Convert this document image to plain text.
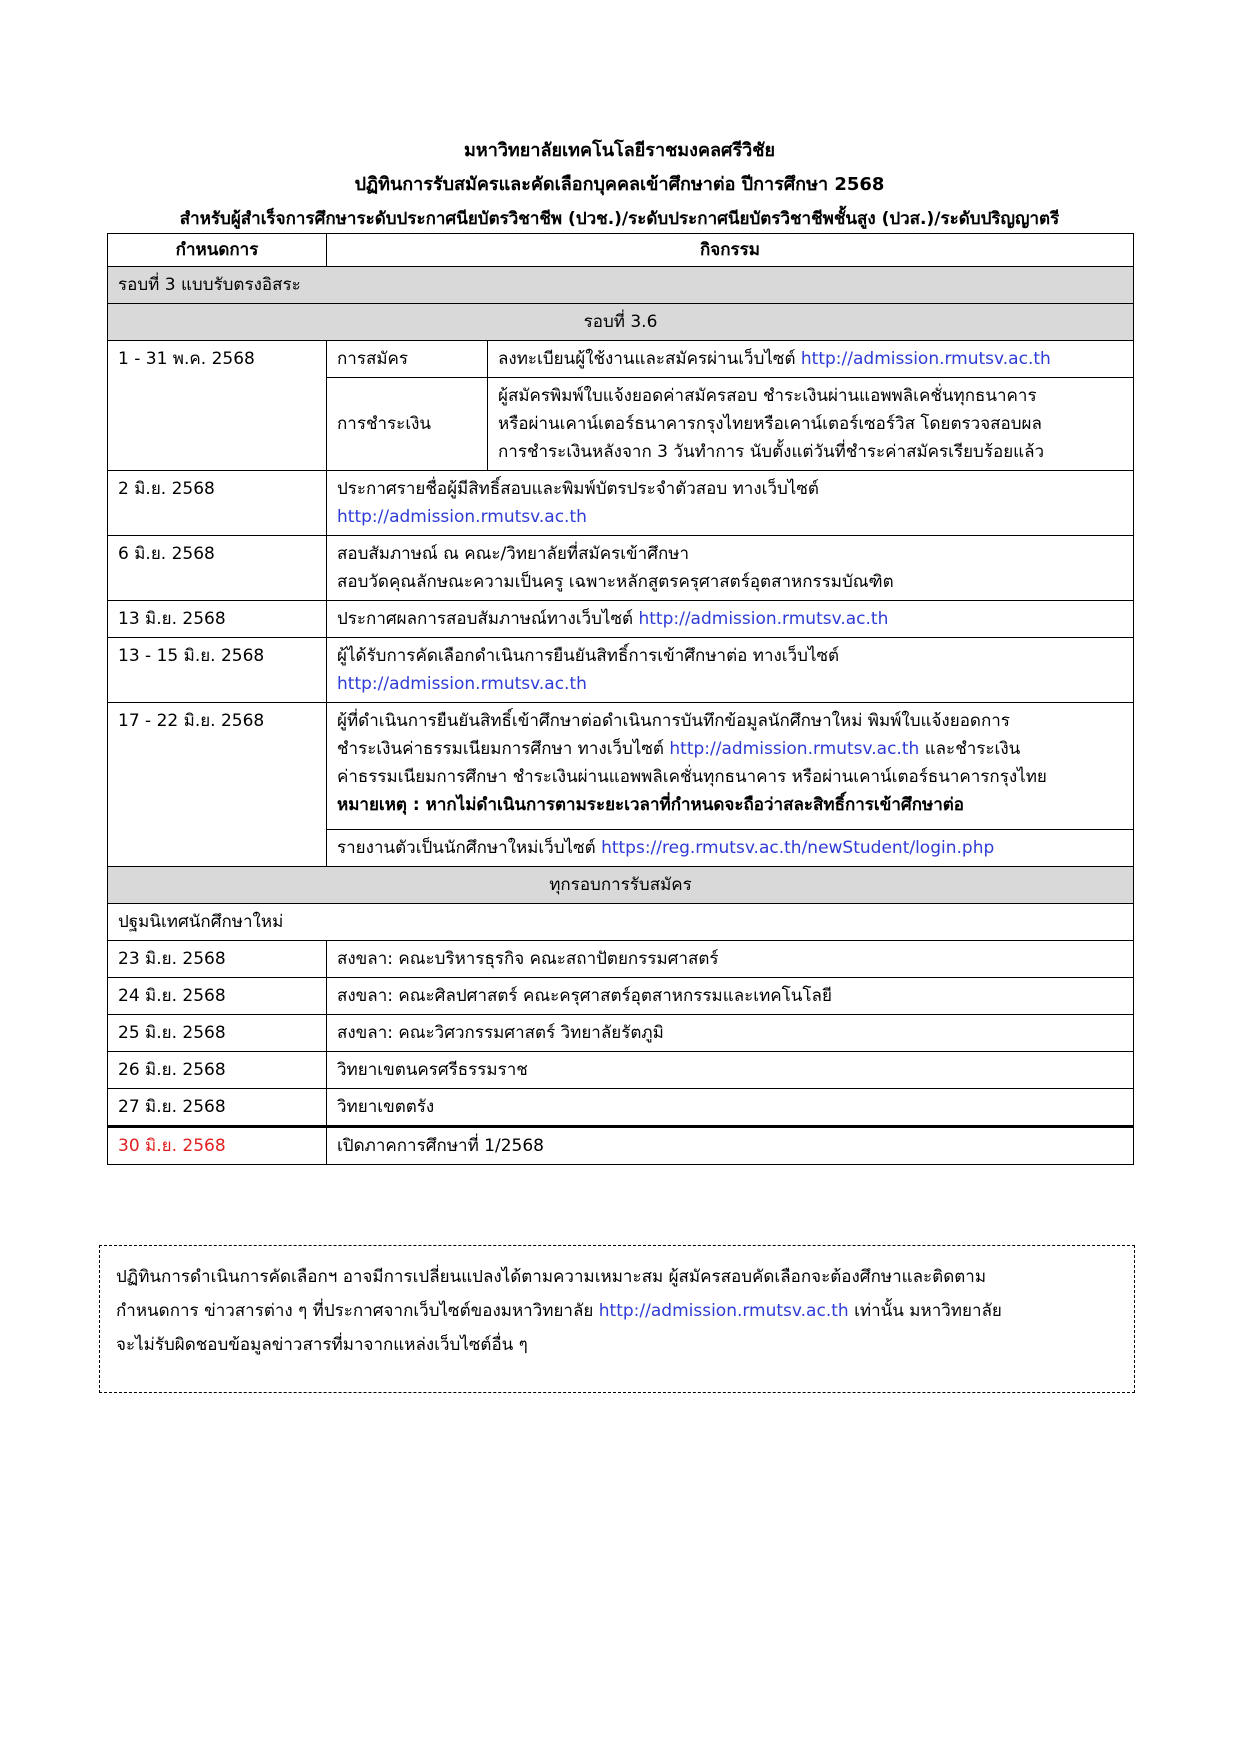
มหาวิทยาลัยเทคโนโลยีราชมงคลศรีวิชัย
ปฏิทินการรับสมัครและคัดเลือกบุคคลเข้าศึกษาต่อ ปีการศึกษา 2568
สำหรับผู้สำเร็จการศึกษาระดับประกาศนียบัตรวิชาชีพ (ปวช.)/ระดับประกาศนียบัตรวิชาชีพชั้นสูง (ปวส.)/ระดับปริญญาตรี
กำหนดการ	กิจกรรม	
รอบที่ 3 แบบรับตรงอิสระ		
รอบที่ 3.6		
1 - 31 พ.ค. 2568	การสมัคร	ลงทะเบียนผู้ใช้งานและสมัครผ่านเว็บไซต์ http://admission.rmutsv.ac.th
	การชำระเงิน	ผู้สมัครพิมพ์ใบแจ้งยอดค่าสมัครสอบ ชำระเงินผ่านแอพพลิเคชั่นทุกธนาคาร
หรือผ่านเคาน์เตอร์ธนาคารกรุงไทยหรือเคาน์เตอร์เซอร์วิส โดยตรวจสอบผล
การชำระเงินหลังจาก 3 วันทำการ นับตั้งแต่วันที่ชำระค่าสมัครเรียบร้อยแล้ว

2 มิ.ย. 2568	ประกาศรายชื่อผู้มีสิทธิ์สอบและพิมพ์บัตรประจำตัวสอบ ทางเว็บไซต์
http://admission.rmutsv.ac.th	

6 มิ.ย. 2568	สอบสัมภาษณ์ ณ คณะ/วิทยาลัยที่สมัครเข้าศึกษา
สอบวัดคุณลักษณะความเป็นครู เฉพาะหลักสูตรครุศาสตร์อุตสาหกรรมบัณฑิต	

13 มิ.ย. 2568	ประกาศผลการสอบสัมภาษณ์ทางเว็บไซต์ http://admission.rmutsv.ac.th	
13 - 15 มิ.ย. 2568	ผู้ได้รับการคัดเลือกดำเนินการยืนยันสิทธิ์การเข้าศึกษาต่อ ทางเว็บไซต์
http://admission.rmutsv.ac.th	

17 - 22 มิ.ย. 2568	ผู้ที่ดำเนินการยืนยันสิทธิ์เข้าศึกษาต่อดำเนินการบันทึกข้อมูลนักศึกษาใหม่ พิมพ์ใบแจ้งยอดการ
ชำระเงินค่าธรรมเนียมการศึกษา ทางเว็บไซต์ http://admission.rmutsv.ac.th และชำระเงิน
ค่าธรรมเนียมการศึกษา ชำระเงินผ่านแอพพลิเคชั่นทุกธนาคาร หรือผ่านเคาน์เตอร์ธนาคารกรุงไทย
หมายเหตุ : หากไม่ดำเนินการตามระยะเวลาที่กำหนดจะถือว่าสละสิทธิ์การเข้าศึกษาต่อ	

	รายงานตัวเป็นนักศึกษาใหม่เว็บไซต์ https://reg.rmutsv.ac.th/newStudent/login.php	
ทุกรอบการรับสมัคร		
ปฐมนิเทศนักศึกษาใหม่		
23 มิ.ย. 2568	สงขลา: คณะบริหารธุรกิจ คณะสถาปัตยกรรมศาสตร์	
24 มิ.ย. 2568	สงขลา: คณะศิลปศาสตร์ คณะครุศาสตร์อุตสาหกรรมและเทคโนโลยี	
25 มิ.ย. 2568	สงขลา: คณะวิศวกรรมศาสตร์ วิทยาลัยรัตภูมิ	
26 มิ.ย. 2568	วิทยาเขตนครศรีธรรมราช	
27 มิ.ย. 2568	วิทยาเขตตรัง	
30 มิ.ย. 2568	เปิดภาคการศึกษาที่ 1/2568	
ปฏิทินการดำเนินการคัดเลือกฯ อาจมีการเปลี่ยนแปลงได้ตามความเหมาะสม ผู้สมัครสอบคัดเลือกจะต้องศึกษาและติดตาม
กำหนดการ ข่าวสารต่าง ๆ ที่ประกาศจากเว็บไซต์ของมหาวิทยาลัย http://admission.rmutsv.ac.th เท่านั้น มหาวิทยาลัย
จะไม่รับผิดชอบข้อมูลข่าวสารที่มาจากแหล่งเว็บไซต์อื่น ๆ
